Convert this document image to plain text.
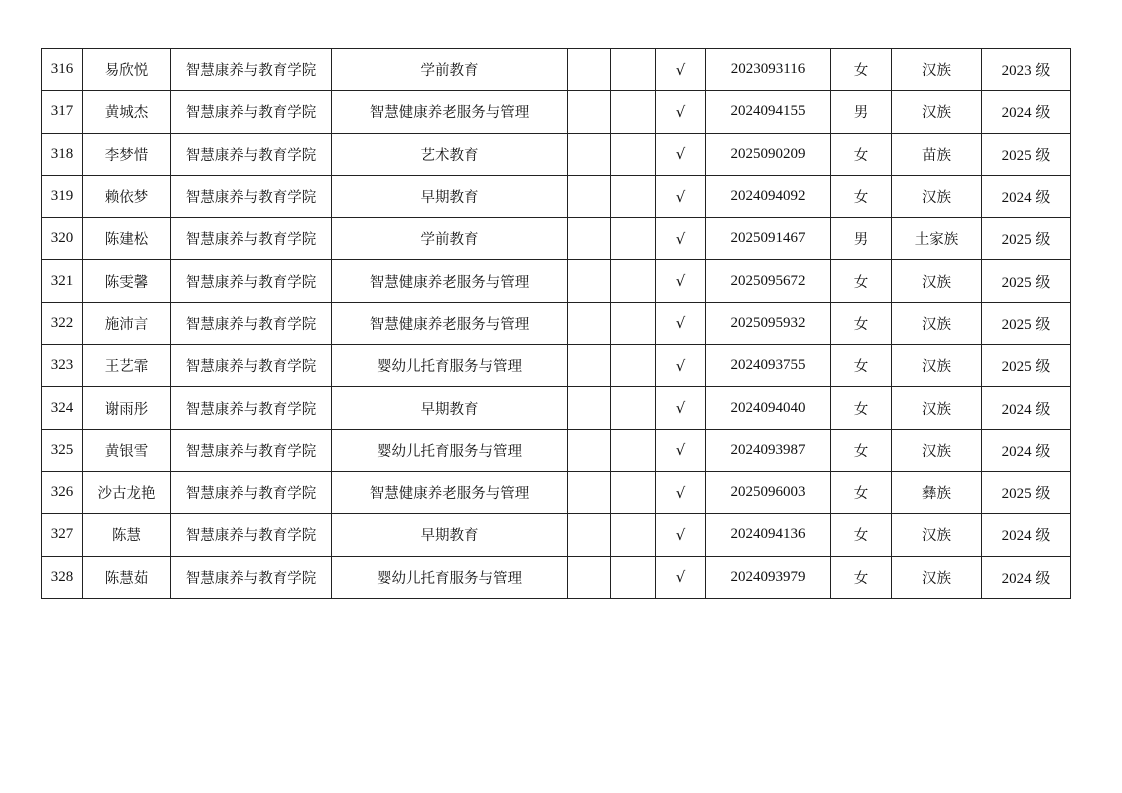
316	易欣悦	智慧康养与教育学院	学前教育			√	2023093116	女	汉族	2023 级
317	黄城杰	智慧康养与教育学院	智慧健康养老服务与管理			√	2024094155	男	汉族	2024 级
318	李梦惜	智慧康养与教育学院	艺术教育			√	2025090209	女	苗族	2025 级
319	赖依梦	智慧康养与教育学院	早期教育			√	2024094092	女	汉族	2024 级
320	陈建松	智慧康养与教育学院	学前教育			√	2025091467	男	土家族	2025 级
321	陈雯馨	智慧康养与教育学院	智慧健康养老服务与管理			√	2025095672	女	汉族	2025 级
322	施沛言	智慧康养与教育学院	智慧健康养老服务与管理			√	2025095932	女	汉族	2025 级
323	王艺霏	智慧康养与教育学院	婴幼儿托育服务与管理			√	2024093755	女	汉族	2025 级
324	谢雨彤	智慧康养与教育学院	早期教育			√	2024094040	女	汉族	2024 级
325	黄银雪	智慧康养与教育学院	婴幼儿托育服务与管理			√	2024093987	女	汉族	2024 级
326	沙古龙艳	智慧康养与教育学院	智慧健康养老服务与管理			√	2025096003	女	彝族	2025 级
327	陈慧	智慧康养与教育学院	早期教育			√	2024094136	女	汉族	2024 级
328	陈慧茹	智慧康养与教育学院	婴幼儿托育服务与管理			√	2024093979	女	汉族	2024 级
